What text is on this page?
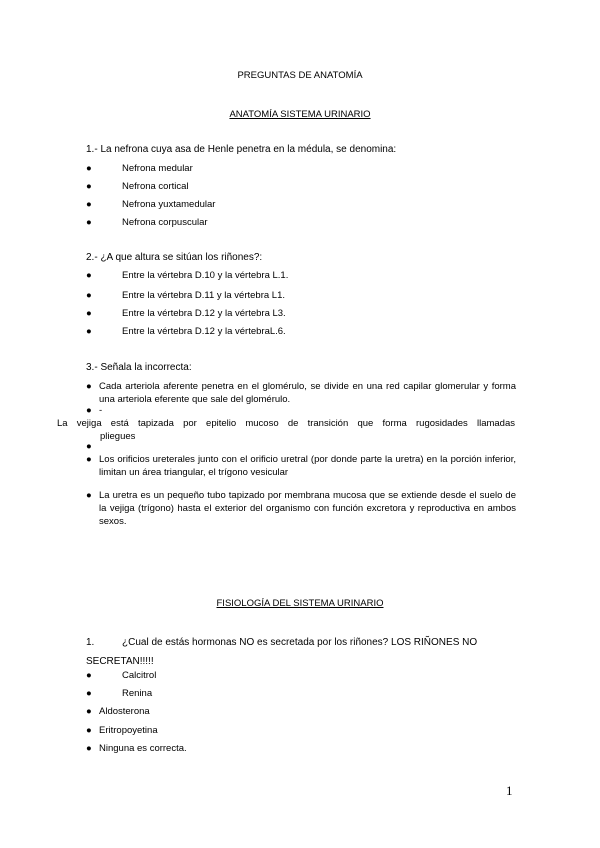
PREGUNTAS DE ANATOMÍA
ANATOMÍA SISTEMA URINARIO
1.- La nefrona cuya asa de Henle penetra en la médula, se denomina:
●	Nefrona medular
●	Nefrona cortical
●	Nefrona yuxtamedular
●	Nefrona corpuscular
2.- ¿A que altura se sitúan los riñones?:
●	Entre la vértebra D.10 y la vértebra L.1.
●	Entre la vértebra D.11 y la vértebra L1.
●	Entre la vértebra D.12 y la vértebra L3.
●	Entre la vértebra D.12 y la vértebraL.6.
3.- Señala la incorrecta:
● Cada arteriola aferente penetra en el glomérulo, se divide en una red capilar glomerular y forma una arteriola eferente que sale del glomérulo.
● -
La vejiga está tapizada por epitelio mucoso de transición que forma rugosidades llamadas
pliegues
●
● Los orificios ureterales junto con el orificio uretral (por donde parte la uretra) en la porción inferior, limitan un área triangular, el trígono vesicular
● La uretra es un pequeño tubo tapizado por membrana mucosa que se extiende desde el suelo de la vejiga (trígono) hasta el exterior del organismo con función excretora y reproductiva en ambos sexos.
FISIOLOGÍA DEL SISTEMA URINARIO
1.	¿Cual de estás hormonas NO es secretada por los riñones? LOS RIÑONES NO
SECRETAN!!!!!
●	Calcitrol
●	Renina
● Aldosterona
● Eritropoyetina
● Ninguna es correcta.
1
